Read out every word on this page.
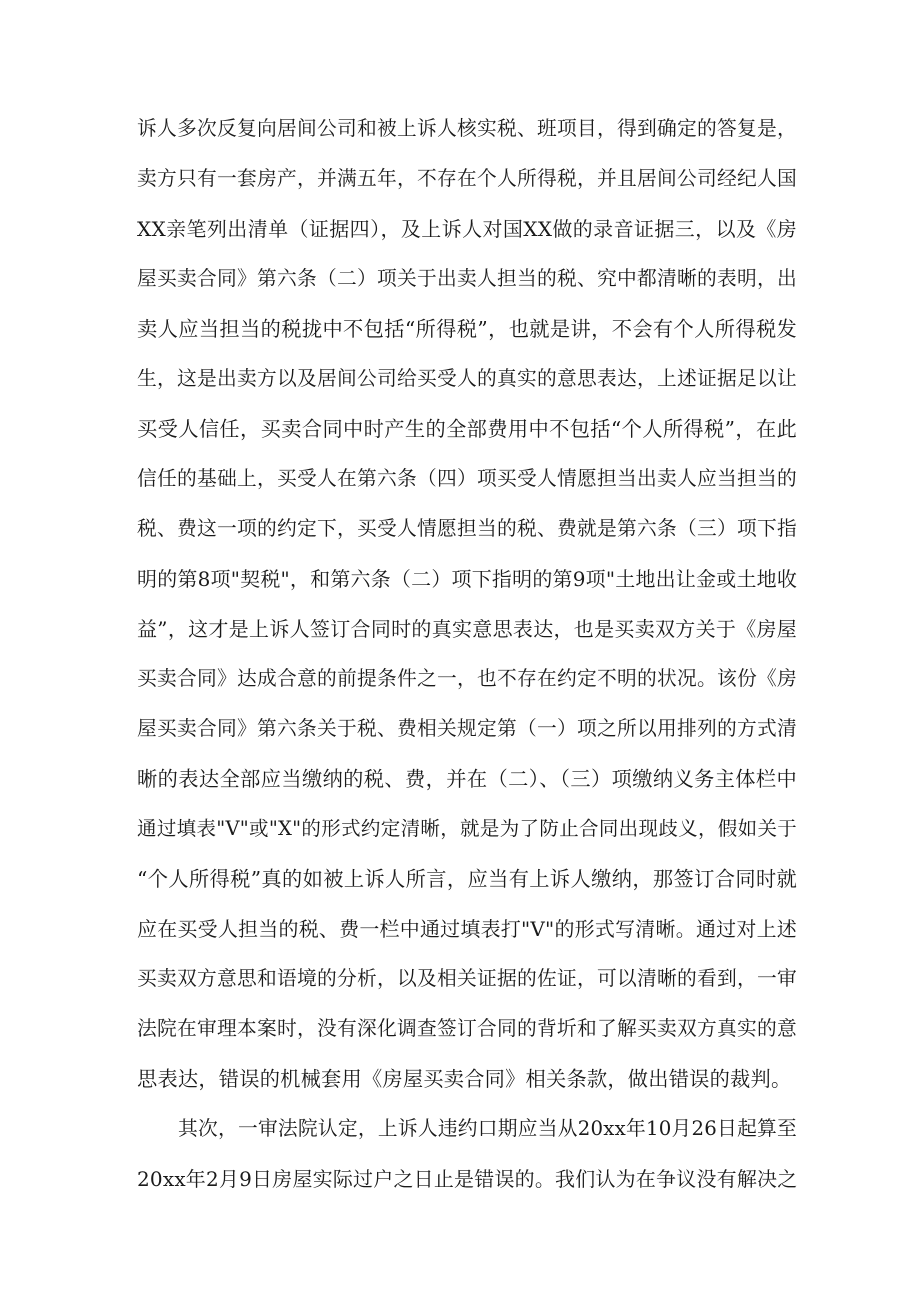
诉人多次反复向居间公司和被上诉人核实税、班项目，得到确定的答复是，
卖方只有一套房产，并满五年，不存在个人所得税，并且居间公司经纪人国
XX亲笔列出清单（证据四），及上诉人对国XX做的录音证据三，以及《房
屋买卖合同》第六条（二）项关于出卖人担当的税、究中都清晰的表明，出
卖人应当担当的税拢中不包括“所得税”，也就是讲，不会有个人所得税发
生，这是出卖方以及居间公司给买受人的真实的意思表达，上述证据足以让
买受人信任，买卖合同中时产生的全部费用中不包括“个人所得税”，在此
信任的基础上，买受人在第六条（四）项买受人情愿担当出卖人应当担当的
税、费这一项的约定下，买受人情愿担当的税、费就是第六条（三）项下指
明的第8项"契税"，和第六条（二）项下指明的第9项"土地出让金或土地收
益”，这才是上诉人签订合同时的真实意思表达，也是买卖双方关于《房屋
买卖合同》达成合意的前提条件之一，也不存在约定不明的状况。该份《房
屋买卖合同》第六条关于税、费相关规定第（一）项之所以用排列的方式清
晰的表达全部应当缴纳的税、费，并在（二）、（三）项缴纳义务主体栏中
通过填表"V"或"X"的形式约定清晰，就是为了防止合同出现歧义，假如关于
“个人所得税”真的如被上诉人所言，应当有上诉人缴纳，那签订合同时就
应在买受人担当的税、费一栏中通过填表打"V"的形式写清晰。通过对上述
买卖双方意思和语境的分析，以及相关证据的佐证，可以清晰的看到，一审
法院在审理本案时，没有深化调查签订合同的背圻和了解买卖双方真实的意
思表达，错误的机械套用《房屋买卖合同》相关条款，做出错误的裁判。
其次，一审法院认定，上诉人违约口期应当从20xx年10月26日起算至
20xx年2月9日房屋实际过户之日止是错误的。我们认为在争议没有解决之
